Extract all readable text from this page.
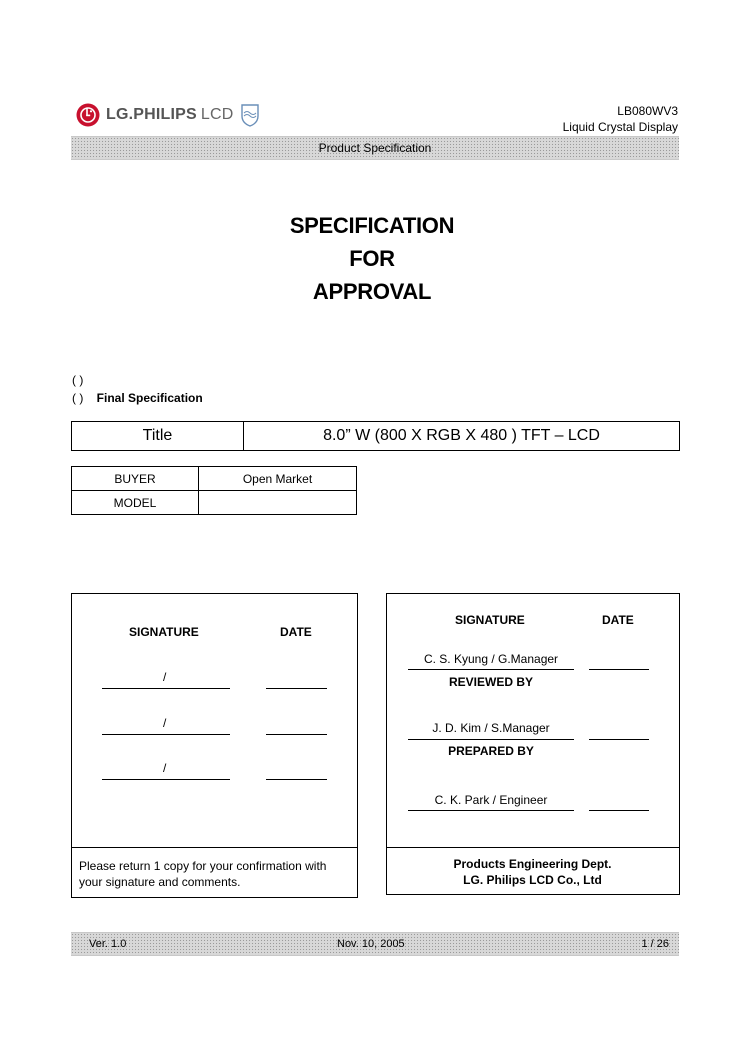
LG.PHILIPS LCD	LB080WV3
Liquid Crystal Display
Product Specification
SPECIFICATION
FOR
APPROVAL
( )
( ) Final Specification
Title	8.0” W (800 X RGB X 480 ) TFT – LCD
BUYER	Open Market
MODEL	
SIGNATURE	DATE
/
/
/
Please return 1 copy for your confirmation with your signature and comments.
SIGNATURE	DATE
C. S. Kyung / G.Manager
REVIEWED BY
J. D. Kim / S.Manager
PREPARED BY
C. K. Park / Engineer
Products Engineering Dept.
LG. Philips LCD Co., Ltd
Ver. 1.0	Nov. 10, 2005	1 / 26
